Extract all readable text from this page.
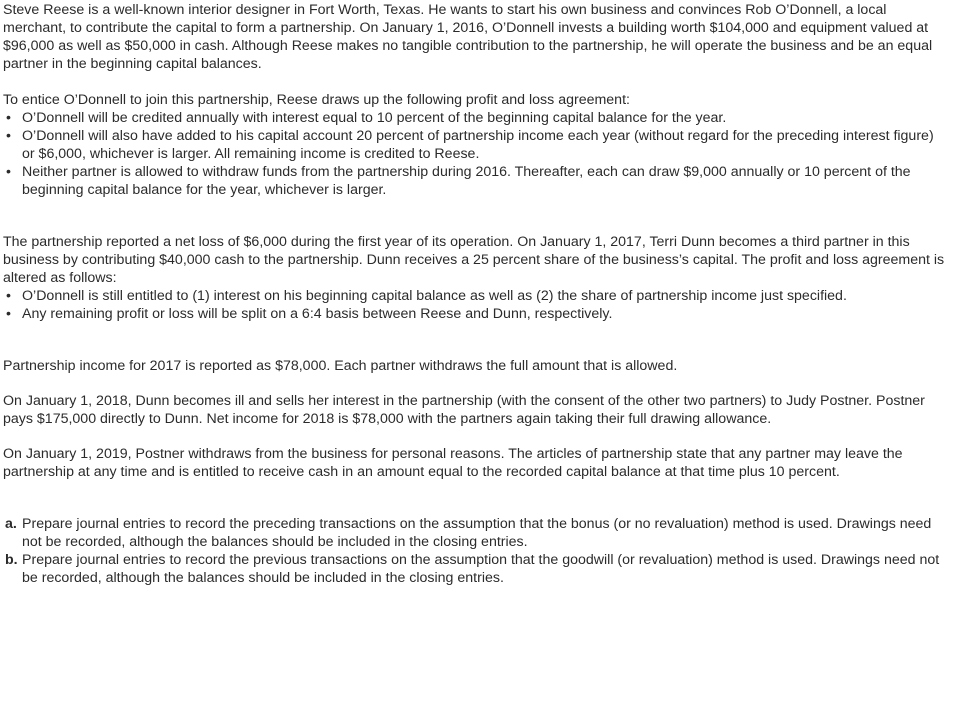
Steve Reese is a well-known interior designer in Fort Worth, Texas. He wants to start his own business and convinces Rob O’Donnell, a local merchant, to contribute the capital to form a partnership. On January 1, 2016, O’Donnell invests a building worth $104,000 and equipment valued at $96,000 as well as $50,000 in cash. Although Reese makes no tangible contribution to the partnership, he will operate the business and be an equal partner in the beginning capital balances.

To entice O’Donnell to join this partnership, Reese draws up the following profit and loss agreement:

• O’Donnell will be credited annually with interest equal to 10 percent of the beginning capital balance for the year.
• O’Donnell will also have added to his capital account 20 percent of partnership income each year (without regard for the preceding interest figure) or $6,000, whichever is larger. All remaining income is credited to Reese.
• Neither partner is allowed to withdraw funds from the partnership during 2016. Thereafter, each can draw $9,000 annually or 10 percent of the beginning capital balance for the year, whichever is larger.

The partnership reported a net loss of $6,000 during the first year of its operation. On January 1, 2017, Terri Dunn becomes a third partner in this business by contributing $40,000 cash to the partnership. Dunn receives a 25 percent share of the business’s capital. The profit and loss agreement is altered as follows:

• O’Donnell is still entitled to (1) interest on his beginning capital balance as well as (2) the share of partnership income just specified.
• Any remaining profit or loss will be split on a 6:4 basis between Reese and Dunn, respectively.

Partnership income for 2017 is reported as $78,000. Each partner withdraws the full amount that is allowed.

On January 1, 2018, Dunn becomes ill and sells her interest in the partnership (with the consent of the other two partners) to Judy Postner. Postner pays $175,000 directly to Dunn. Net income for 2018 is $78,000 with the partners again taking their full drawing allowance.

On January 1, 2019, Postner withdraws from the business for personal reasons. The articles of partnership state that any partner may leave the partnership at any time and is entitled to receive cash in an amount equal to the recorded capital balance at that time plus 10 percent.

a. Prepare journal entries to record the preceding transactions on the assumption that the bonus (or no revaluation) method is used. Drawings need not be recorded, although the balances should be included in the closing entries.
b. Prepare journal entries to record the previous transactions on the assumption that the goodwill (or revaluation) method is used. Drawings need not be recorded, although the balances should be included in the closing entries.
